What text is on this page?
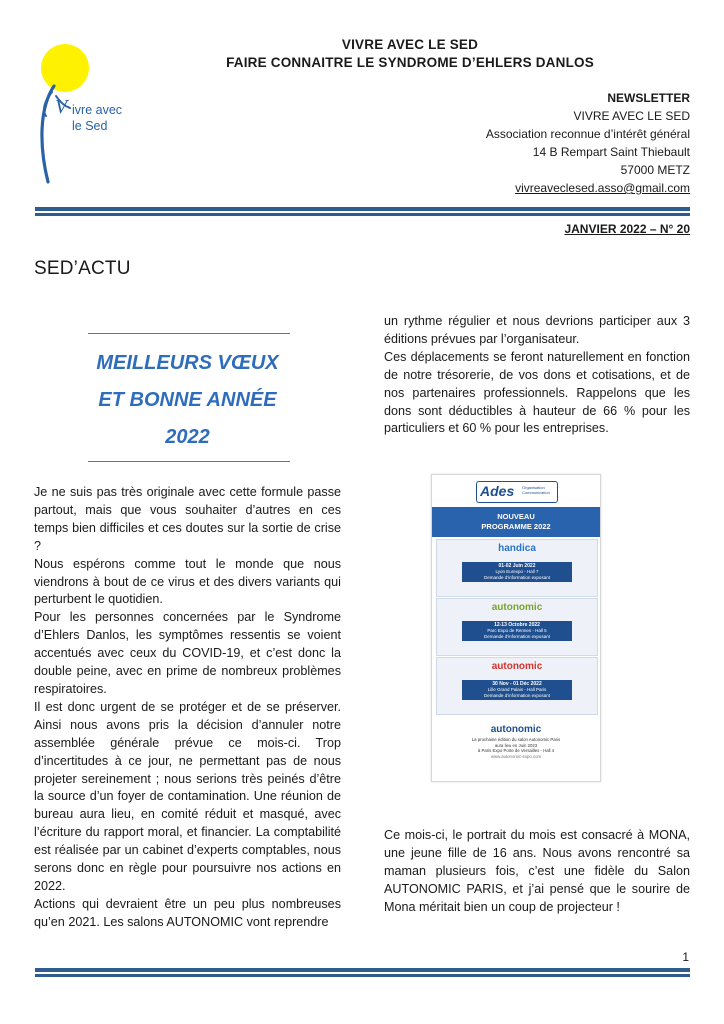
VIVRE AVEC LE SED
FAIRE CONNAITRE LE SYNDROME D’EHLERS DANLOS
V ivre avec
le Sed
NEWSLETTER
VIVRE AVEC LE SED
Association reconnue d’intérêt général
14 B Rempart Saint Thiebault
57000 METZ
vivreaveclesed.asso@gmail.com
JANVIER 2022 – N° 20
SED’ACTU
MEILLEURS VŒUX
ET BONNE ANNÉE
2022

Je ne suis pas très originale avec cette formule passe partout, mais que vous souhaiter d’autres en ces temps bien difficiles et ces doutes sur la sortie de crise ?

Nous espérons comme tout le monde que nous viendrons à bout de ce virus et des divers variants qui perturbent le quotidien.

Pour les personnes concernées par le Syndrome d’Ehlers Danlos, les symptômes ressentis se voient accentués avec ceux du COVID-19, et c’est donc la double peine, avec en prime de nombreux problèmes respiratoires.

Il est donc urgent de se protéger et de se préserver. Ainsi nous avons pris la décision d’annuler notre assemblée générale prévue ce mois-ci. Trop d’incertitudes à ce jour, ne permettant pas de nous projeter sereinement ; nous serions très peinés d’être la source d’un foyer de contamination. Une réunion de bureau aura lieu, en comité réduit et masqué, avec l’écriture du rapport moral, et financier. La comptabilité est réalisée par un cabinet d’experts comptables, nous serons donc en règle pour poursuivre nos actions en 2022.

Actions qui devraient être un peu plus nombreuses qu’en 2021. Les salons AUTONOMIC vont reprendre

un rythme régulier et nous devrions participer aux 3 éditions prévues par l’organisateur.

Ces déplacements se feront naturellement en fonction de notre trésorerie, de vos dons et cotisations, et de nos partenaires professionnels. Rappelons que les dons sont déductibles à hauteur de 66 % pour les particuliers et 60 % pour les entreprises.

Ades Organisation Communication
NOUVEAU
PROGRAMME 2022
handica
01-02 Juin 2022
Lyon Eurexpo - Hall 7
Demande d'information exposant
autonomic
12-13 Octobre 2022
Parc Expo de Rennes - Hall 5
Demande d'information exposant
autonomic
30 Nov - 01 Déc 2022
Lille Grand Palais - Hall Paris
Demande d'information exposant
autonomic
La prochaine édition du salon Autonomic Paris
aura lieu en Juin 2023
à Paris Expo Porte de Versailles - Hall 4
www.autonomic-expo.com

Ce mois-ci, le portrait du mois est consacré à MONA, une jeune fille de 16 ans. Nous avons rencontré sa maman plusieurs fois, c’est une fidèle du Salon AUTONOMIC PARIS, et j’ai pensé que le sourire de Mona méritait bien un coup de projecteur !

1
